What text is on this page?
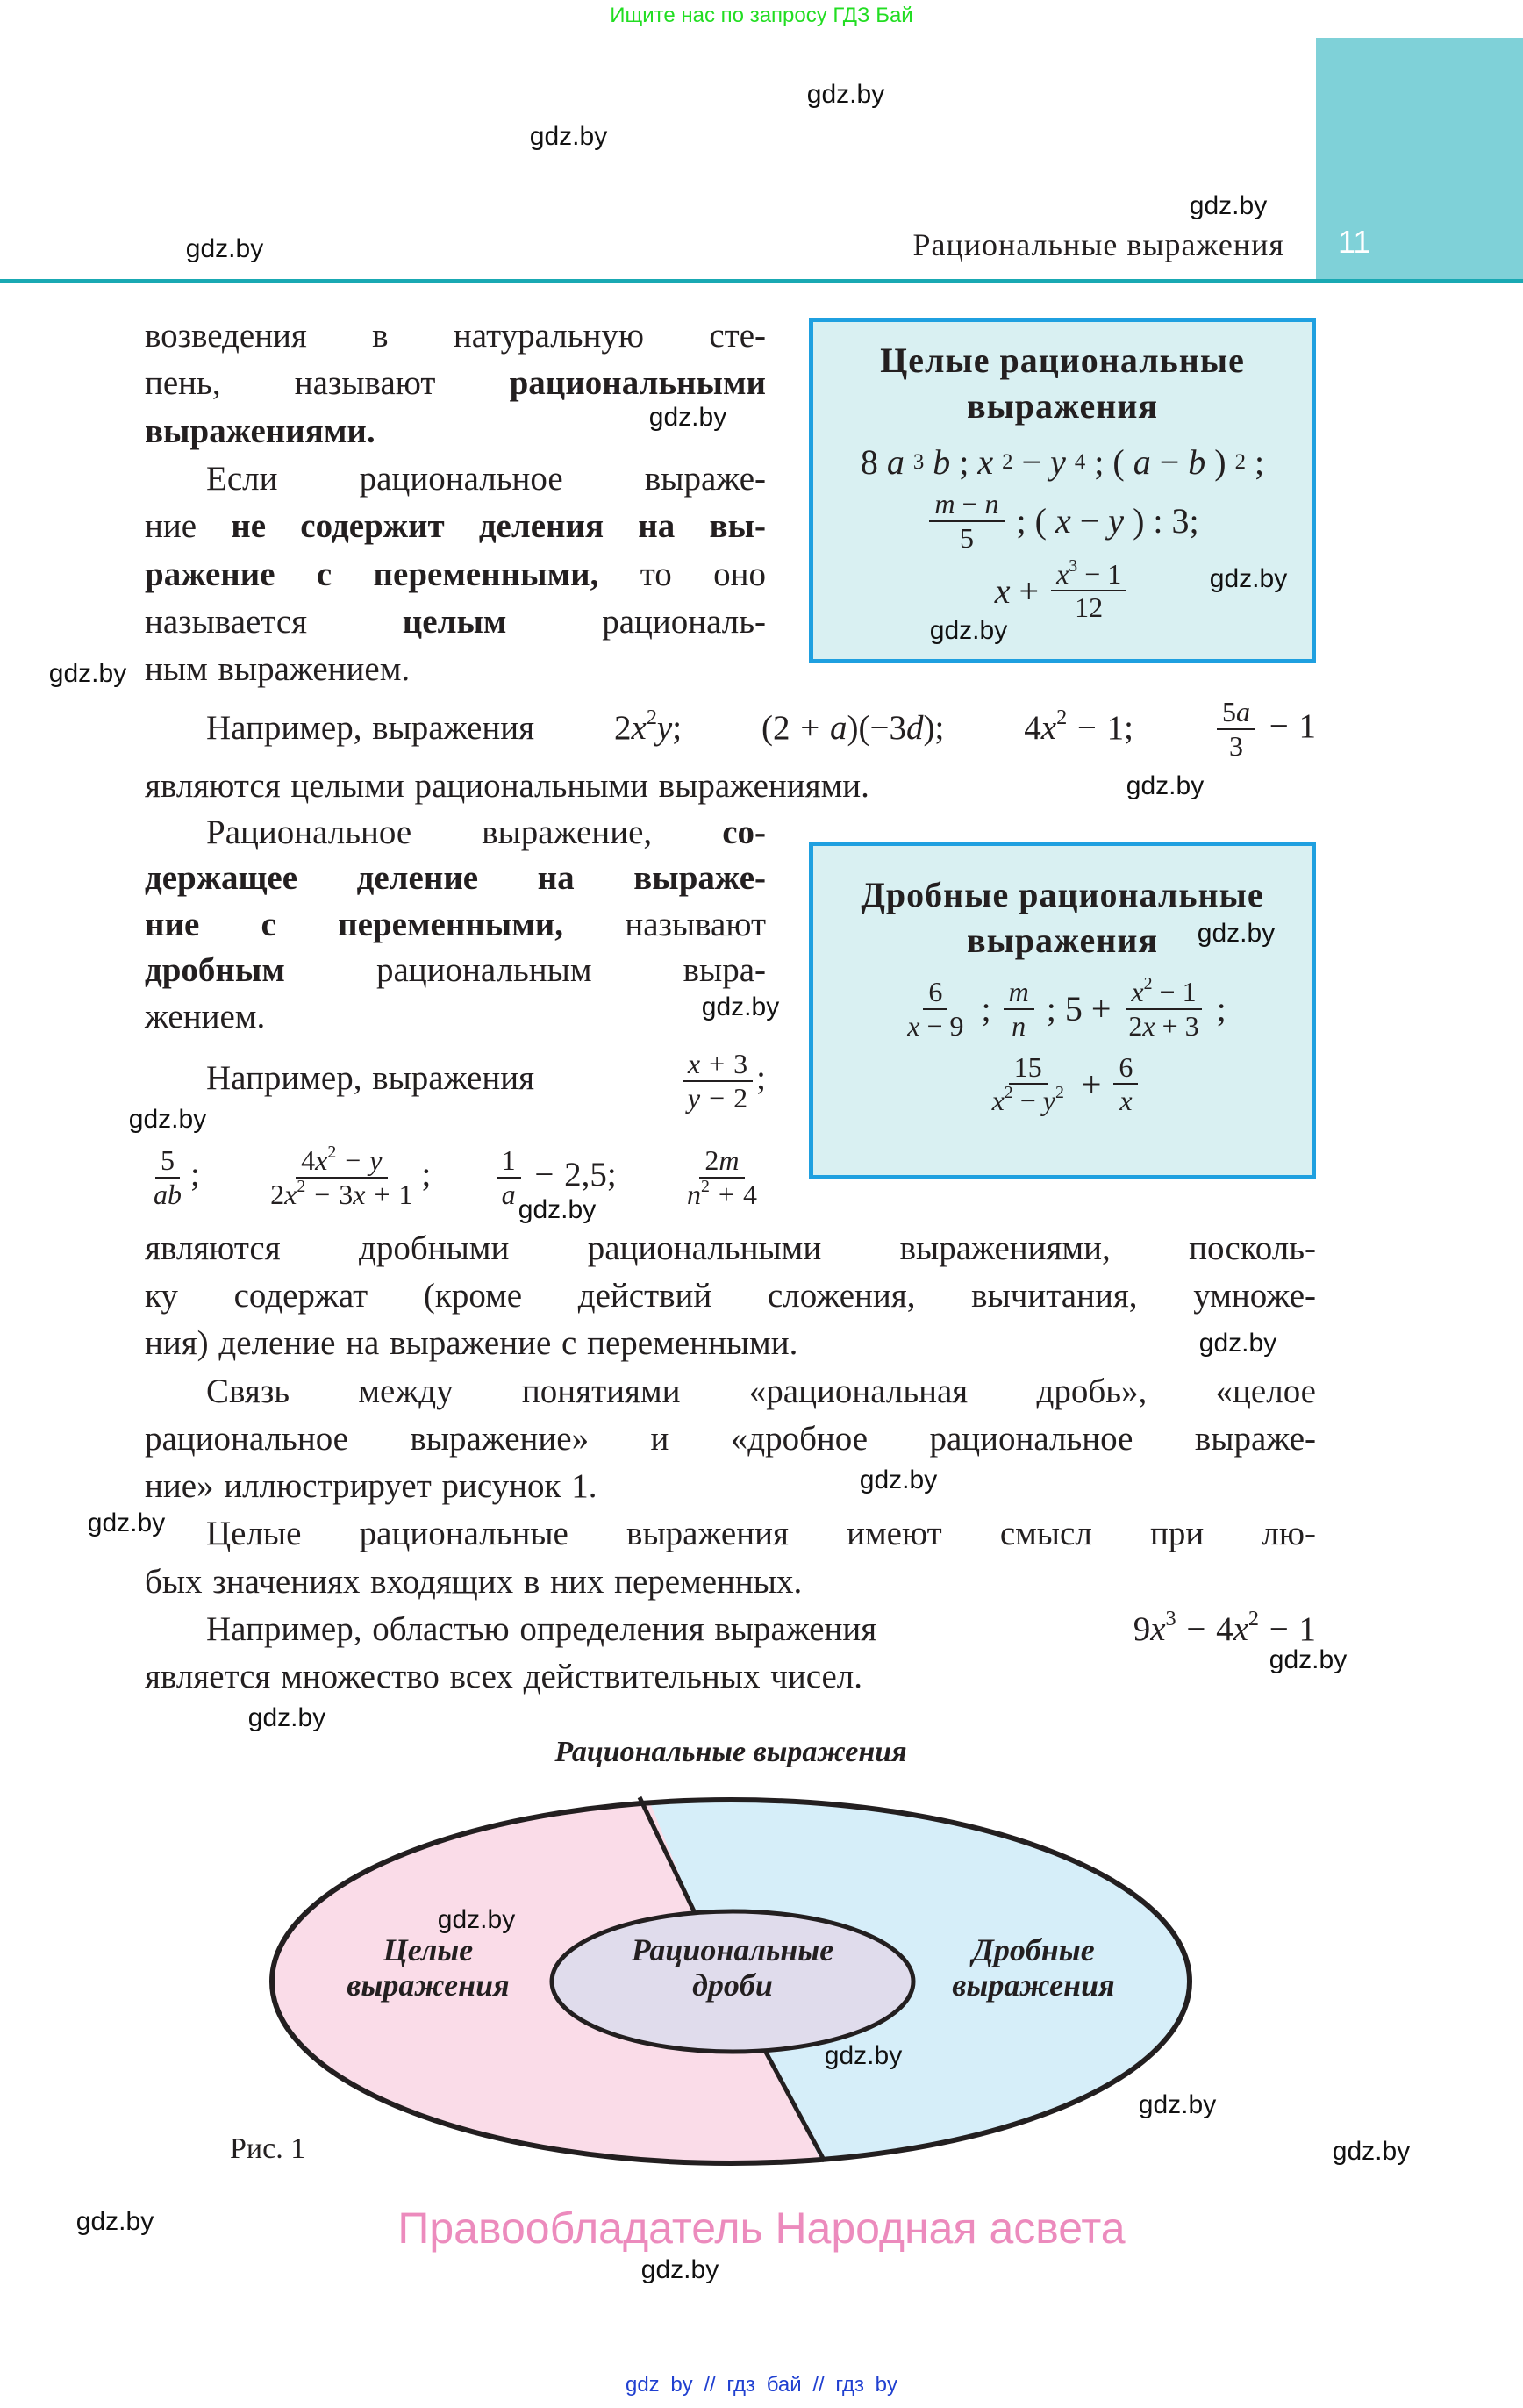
Ищите нас по запросу ГДЗ Бай
11
Рациональные выражения
возведения в натуральную сте-
пень, называют рациональными
выражениями.
Если рациональное выраже-
ние не содержит деления на вы-
ражение с переменными, то оно
называется целым рациональ-
ным выражением.
Например, выражения $2x^2y$; (2 + a)(−3d); $4x^2 - 1$;	$\frac{5a}{3} - 1$
являются целыми рациональными выражениями.
Рациональное выражение, со-
держащее деление на выраже-
ние с переменными, называют
дробным рациональным выра-
жением.
Например, выражения	$\frac{x + 3}{y - 2}$ ;
$\frac{5}{ab}$ ; $\frac{4x^2 - y}{2x^2 - 3x + 1}$ ; $\frac{1}{a} - 2,5$; $\frac{2m}{n^2 + 4}$
являются дробными рациональными выражениями, посколь-
ку содержат (кроме действий сложения, вычитания, умноже-
ния) деление на выражение с переменными.
Связь между понятиями «рациональная дробь», «целое
рациональное выражение» и «дробное рациональное выраже-
ние» иллюстрирует рисунок 1.
Целые рациональные выражения имеют смысл при лю-
бых значениях входящих в них переменных.
Например, областью определения выражения	$9x^3 - 4x^2 - 1$
является множество всех действительных чисел.
Целые рациональные
выражения
8 a 3 b ; x 2 − y 4 ; ( a − b ) 2 ;
$\frac{m - n}{5}$ ; ( x − y ) : 3;
$x + \frac{x^3 - 1}{12}$
Дробные рациональные
выражения
$\frac{6}{x - 9}$ ; $\frac{m}{n}$ ; $5 + \frac{x^2 - 1}{2x + 3}$ ;
$\frac{15}{x^2 - y^2} + \frac{6}{x}$
Рациональные выражения
Целые
выражения
Рациональные
дроби
Дробные
выражения
Рис. 1
Правообладатель Народная асвета
gdz by // гдз бай // гдз by
gdz.by
gdz.by
gdz.by
gdz.by
gdz.by
gdz.by
gdz.by
gdz.by
gdz.by
gdz.by
gdz.by
gdz.by
gdz.by
gdz.by
gdz.by
gdz.by
gdz.by
gdz.by
gdz.by
gdz.by
gdz.by
gdz.by
gdz.by
gdz.by
